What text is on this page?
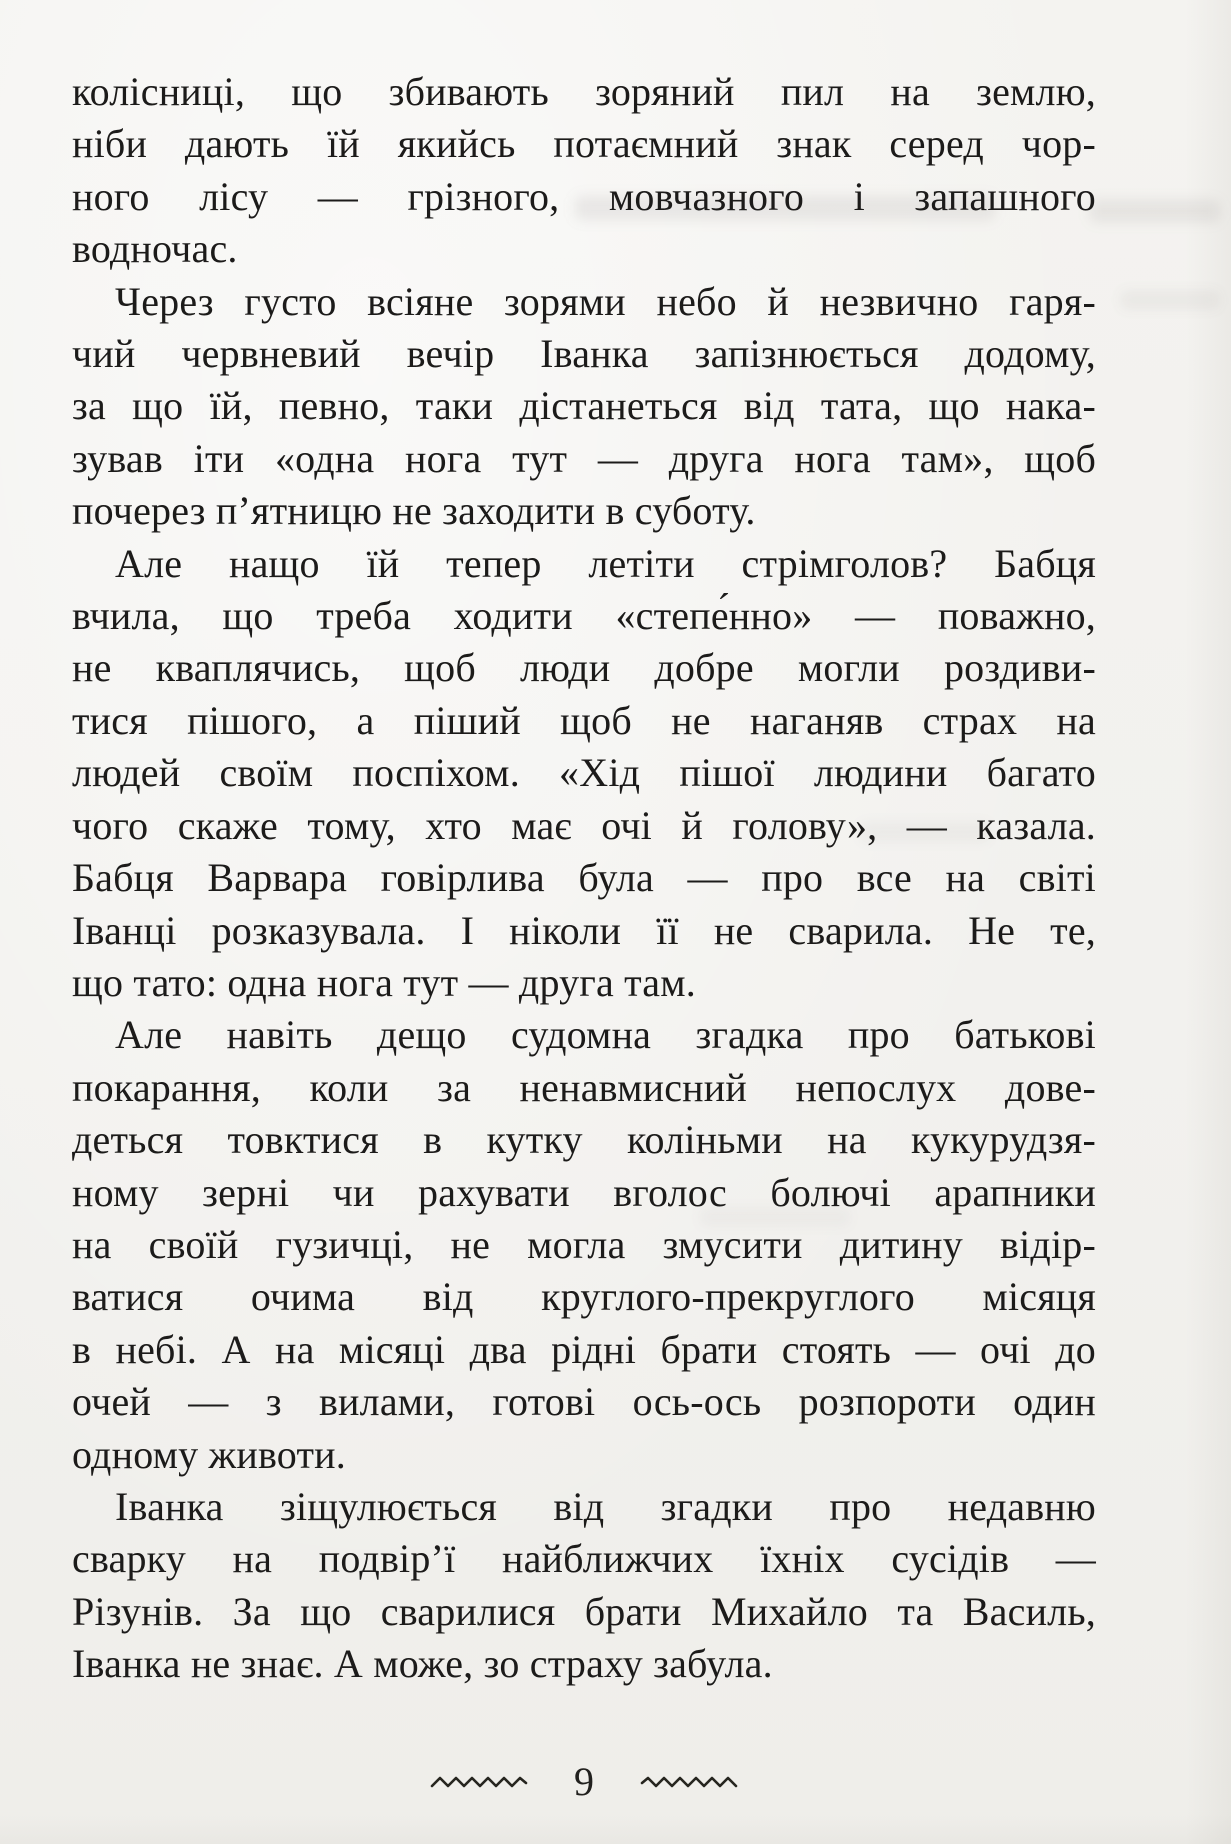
колісниці, що збивають зоряний пил на землю,
ніби дають їй якийсь потаємний знак серед чор-
ного лісу — грізного, мовчазного і запашного
водночас.
Через густо всіяне зорями небо й незвично гаря-
чий червневий вечір Іванка запізнюється додому,
за що їй, певно, таки дістанеться від тата, що нака-
зував іти «одна нога тут — друга нога там», щоб
почерез п’ятницю не заходити в суботу.
Але нащо їй тепер летіти стрімголов? Бабця
вчила, що треба ходити «степе́нно» — поважно,
не кваплячись, щоб люди добре могли роздиви-
тися пішого, а піший щоб не наганяв страх на
людей своїм поспіхом. «Хід пішої людини багато
чого скаже тому, хто має очі й голову», — казала.
Бабця Варвара говірлива була — про все на світі
Іванці розказувала. І ніколи її не сварила. Не те,
що тато: одна нога тут — друга там.
Але навіть дещо судомна згадка про батькові
покарання, коли за ненавмисний непослух дове-
деться товктися в кутку коліньми на кукурудзя-
ному зерні чи рахувати вголос болючі арапники
на своїй гузичці, не могла змусити дитину відір-
ватися очима від круглого-прекруглого місяця
в небі. А на місяці два рідні брати стоять — очі до
очей — з вилами, готові ось-ось розпороти один
одному животи.
Іванка зіщулюється від згадки про недавню
сварку на подвір’ї найближчих їхніх сусідів —
Різунів. За що сварилися брати Михайло та Василь,
Іванка не знає. А може, зо страху забула.
9
